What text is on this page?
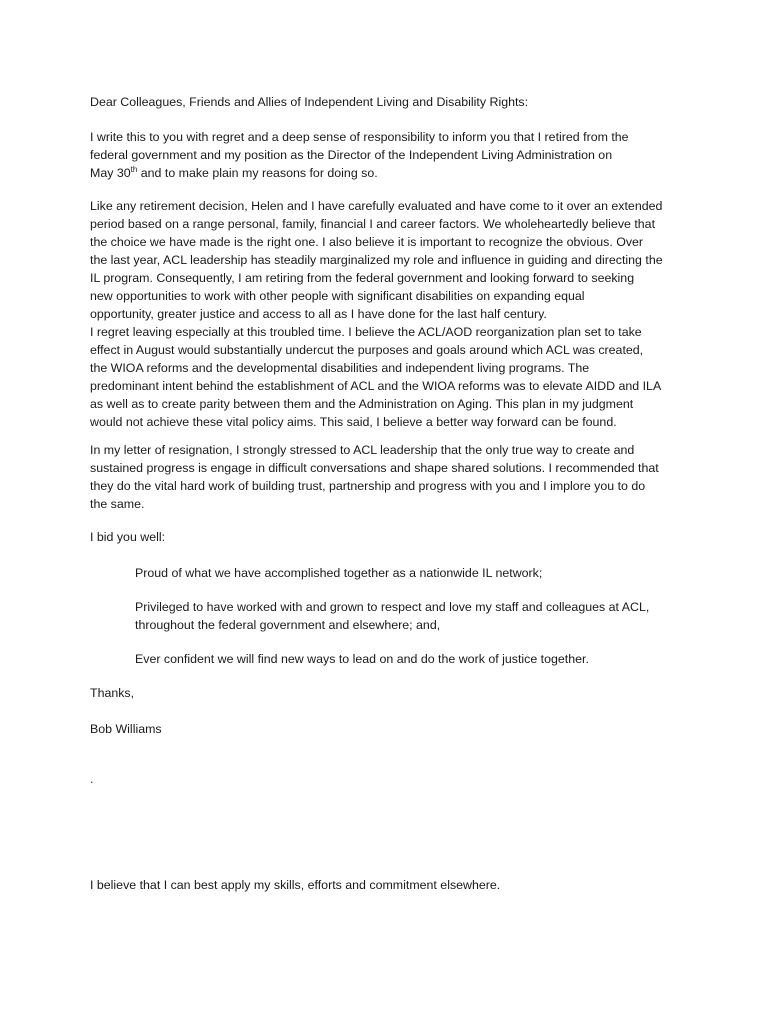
Dear Colleagues, Friends and Allies of Independent Living and Disability Rights:
I write this to you with regret and a deep sense of responsibility to inform you that I retired from the
federal government and my position as the Director of the Independent Living Administration on
May 30th and to make plain my reasons for doing so.
Like any retirement decision, Helen and I have carefully evaluated and have come to it over an extended
period based on a range personal, family, financial I and career factors. We wholeheartedly believe that
the choice we have made is the right one. I also believe it is important to recognize the obvious. Over
the last year, ACL leadership has steadily marginalized my role and influence in guiding and directing the
IL program. Consequently, I am retiring from the federal government and looking forward to seeking
new opportunities to work with other people with significant disabilities on expanding equal
opportunity, greater justice and access to all as I have done for the last half century.
I regret leaving especially at this troubled time. I believe the ACL/AOD reorganization plan set to take
effect in August would substantially undercut the purposes and goals around which ACL was created,
the WIOA reforms and the developmental disabilities and independent living programs. The
predominant intent behind the establishment of ACL and the WIOA reforms was to elevate AIDD and ILA
as well as to create parity between them and the Administration on Aging. This plan in my judgment
would not achieve these vital policy aims. This said, I believe a better way forward can be found.
In my letter of resignation, I strongly stressed to ACL leadership that the only true way to create and
sustained progress is engage in difficult conversations and shape shared solutions. I recommended that
they do the vital hard work of building trust, partnership and progress with you and I implore you to do
the same.
I bid you well:
Proud of what we have accomplished together as a nationwide IL network;
Privileged to have worked with and grown to respect and love my staff and colleagues at ACL,
throughout the federal government and elsewhere; and,
Ever confident we will find new ways to lead on and do the work of justice together.
Thanks,
Bob Williams
.
I believe that I can best apply my skills, efforts and commitment elsewhere.
